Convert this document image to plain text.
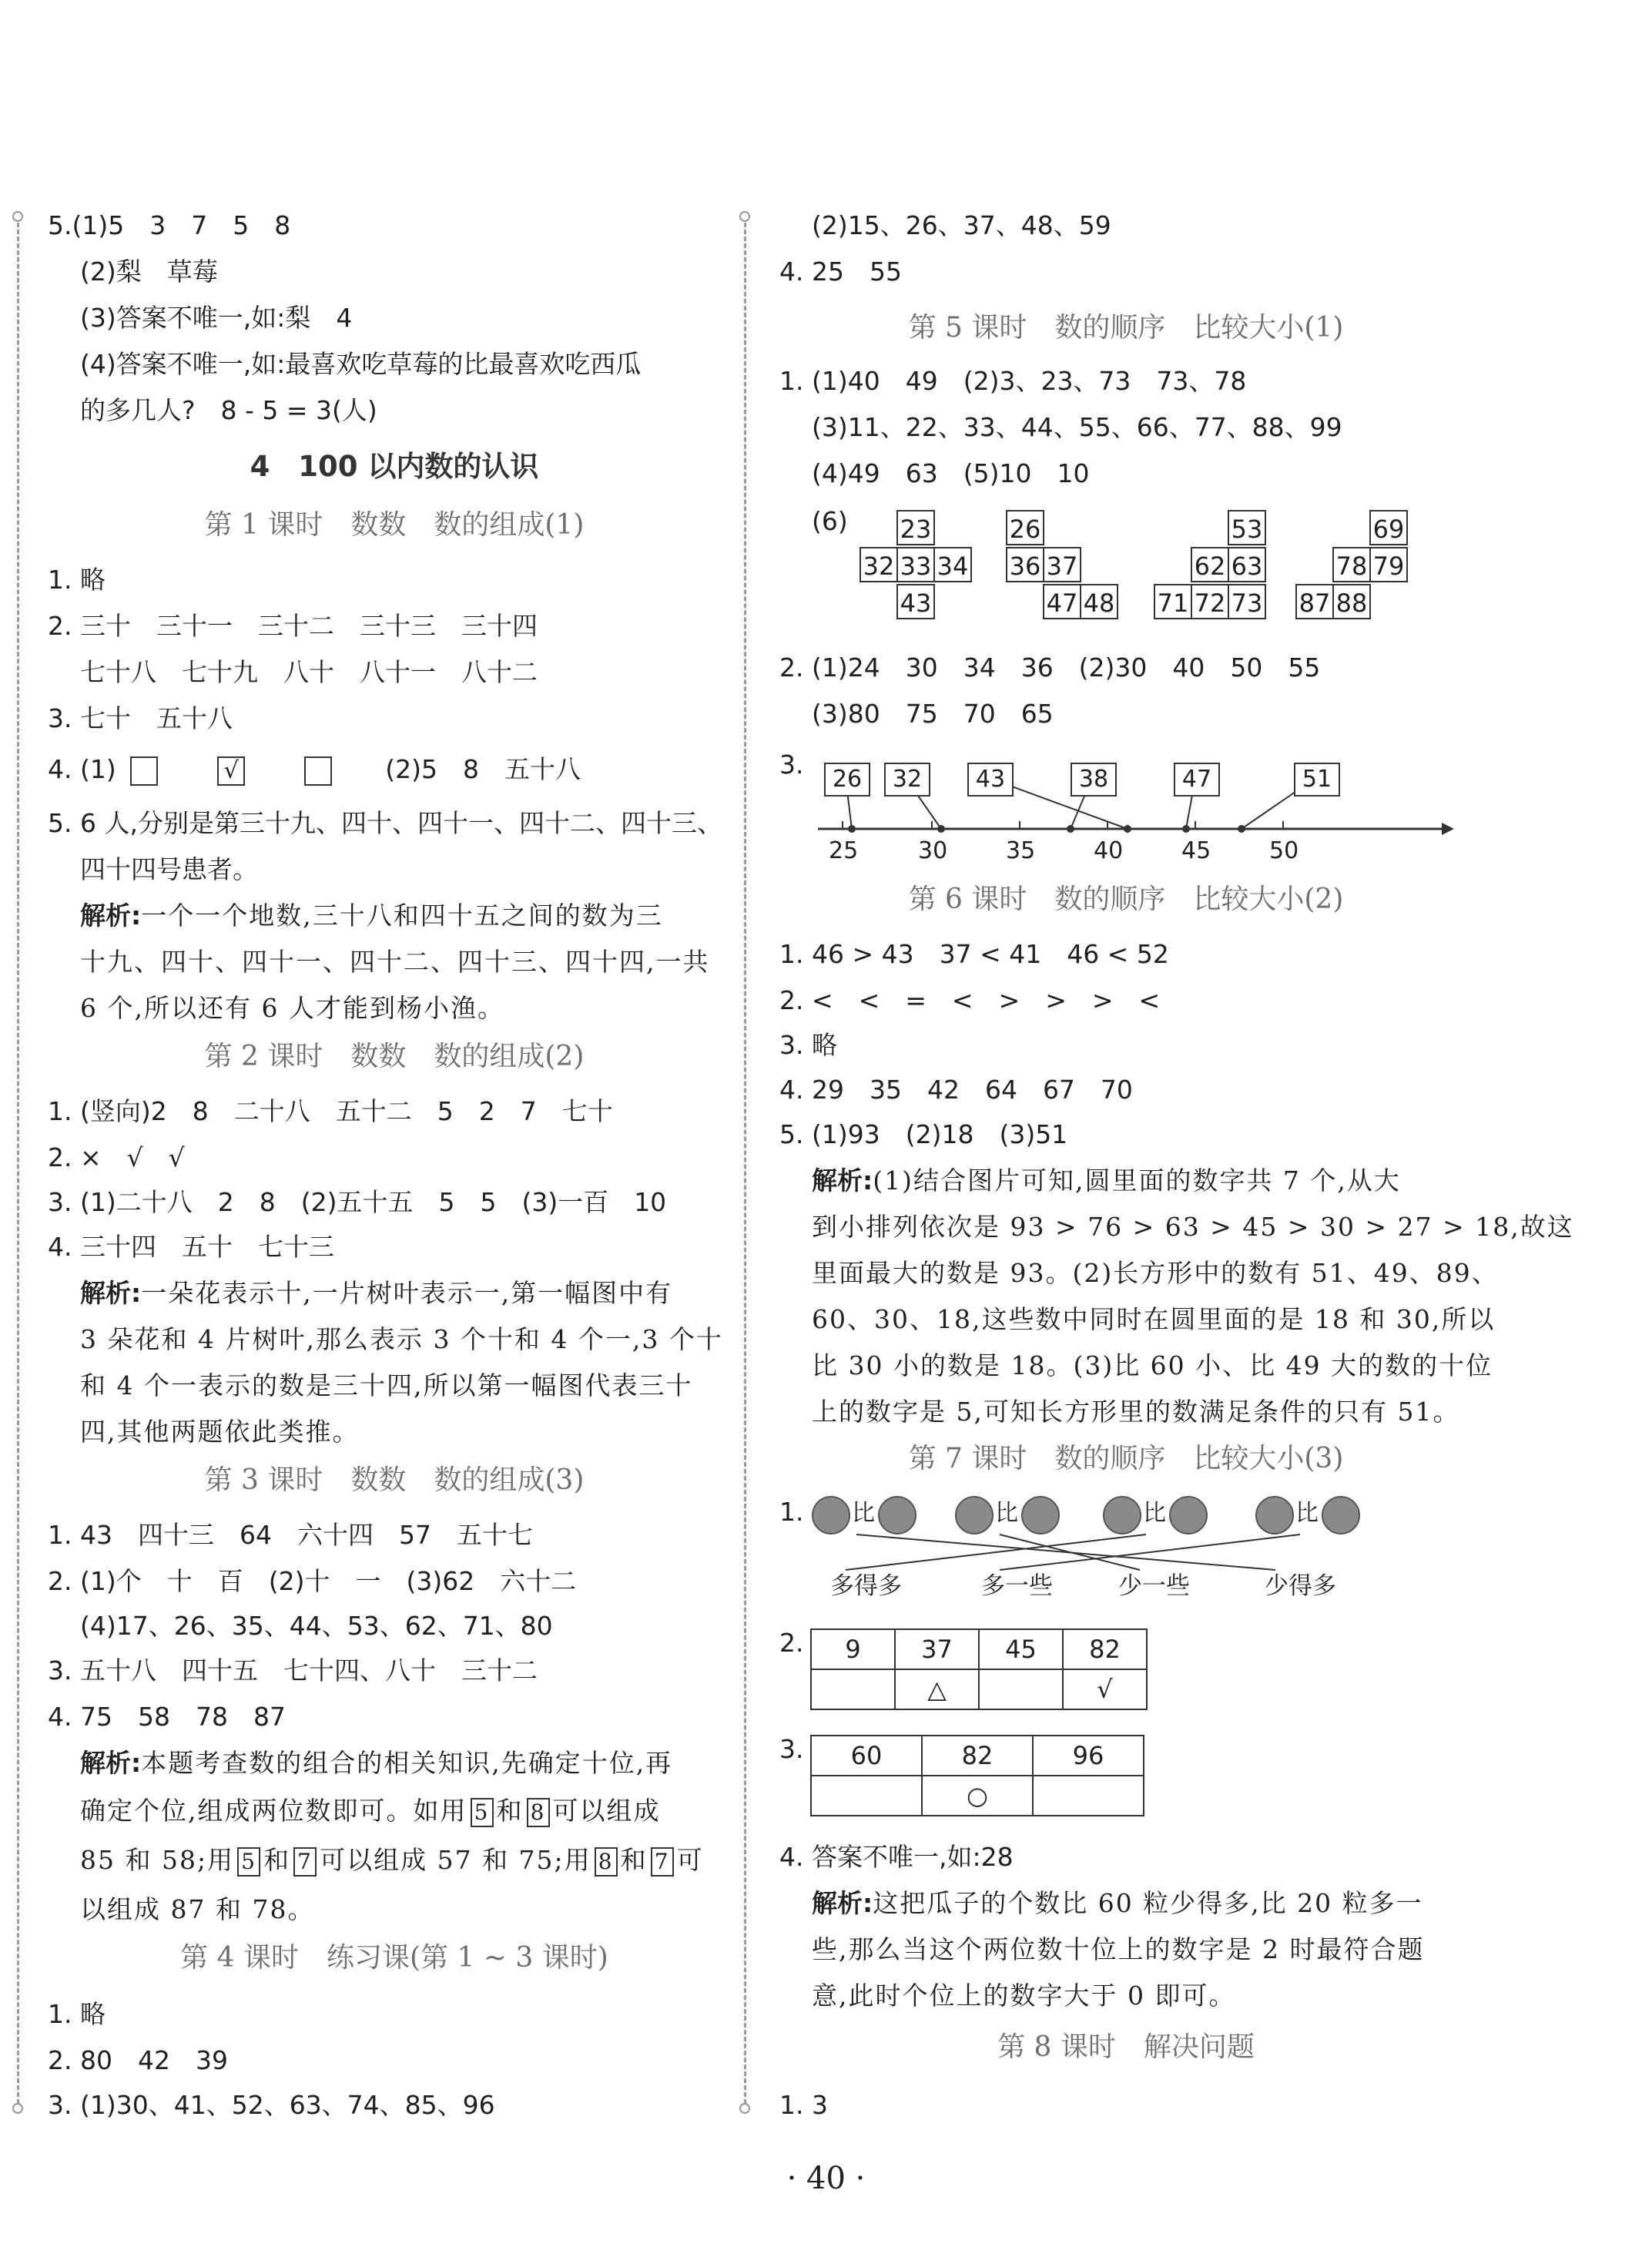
5.(1)5　3　7　5　8
(2)梨　草莓
(3)答案不唯一,如:梨　4
(4)答案不唯一,如:最喜欢吃草莓的比最喜欢吃西瓜
的多几人?　8 - 5 = 3(人)
4　100 以内数的认识
第 1 课时　数数　数的组成(1)
1. 略
2. 三十　三十一　三十二　三十三　三十四
七十八　七十九　八十　八十一　八十二
3. 七十　五十八
4. (1)	√	(2)5　8　五十八
5. 6 人,分别是第三十九、四十、四十一、四十二、四十三、
四十四号患者。
解析:一个一个地数,三十八和四十五之间的数为三
十九、四十、四十一、四十二、四十三、四十四,一共
6 个,所以还有 6 人才能到杨小渔。
第 2 课时　数数　数的组成(2)
1. (竖向)2　8　二十八　五十二　5　2　7　七十
2. ×　√　√
3. (1)二十八　2　8　(2)五十五　5　5　(3)一百　10
4. 三十四　五十　七十三
解析:一朵花表示十,一片树叶表示一,第一幅图中有
3 朵花和 4 片树叶,那么表示 3 个十和 4 个一,3 个十
和 4 个一表示的数是三十四,所以第一幅图代表三十
四,其他两题依此类推。
第 3 课时　数数　数的组成(3)
1. 43　四十三　64　六十四　57　五十七
2. (1)个　十　百　(2)十　一　(3)62　六十二
(4)17、26、35、44、53、62、71、80
3. 五十八　四十五　七十四、八十　三十二
4. 75　58　78　87
解析:本题考查数的组合的相关知识,先确定十位,再
确定个位,组成两位数即可。如用 5 和 8 可以组成
85 和 58;用 5 和 7 可以组成 57 和 75;用 8 和 7 可
以组成 87 和 78。
第 4 课时　练习课(第 1 ~ 3 课时)
1. 略
2. 80　42　39
3. (1)30、41、52、63、74、85、96
(2)15、26、37、48、59
4. 25　55
第 5 课时　数的顺序　比较大小(1)
1. (1)40　49　(2)3、23、73　73、78
(3)11、22、33、44、55、66、77、88、99
(4)49　63　(5)10　10
(6) 23
32 33 34
43
26
36 37
47 48
53
62 63
71 72 73
69
78 79
87 88
2. (1)24　30　34　36　(2)30　40　50　55
(3)80　75　70　65
3.	26	32	43	38	47	51
25	30	35	40	45	50
第 6 课时　数的顺序　比较大小(2)
1. 46 > 43　37 < 41　46 < 52
2. <　<　=　<　>　>　>　<
3. 略
4. 29　35　42　64　67　70
5. (1)93　(2)18　(3)51
解析:(1)结合图片可知,圆里面的数字共 7 个,从大
到小排列依次是 93 > 76 > 63 > 45 > 30 > 27 > 18,故这
里面最大的数是 93。(2)长方形中的数有 51、49、89、
60、30、18,这些数中同时在圆里面的是 18 和 30,所以
比 30 小的数是 18。(3)比 60 小、比 49 大的数的十位
上的数字是 5,可知长方形里的数满足条件的只有 51。
第 7 课时　数的顺序　比较大小(3)
1. 比	比	比	比
多得多	多一些	少一些	少得多
2. 9	37	45	82
	△		√
3. 60	82	96
	○	
4. 答案不唯一,如:28
解析:这把瓜子的个数比 60 粒少得多,比 20 粒多一
些,那么当这个两位数十位上的数字是 2 时最符合题
意,此时个位上的数字大于 0 即可。
第 8 课时　解决问题
1. 3
· 40 ·
